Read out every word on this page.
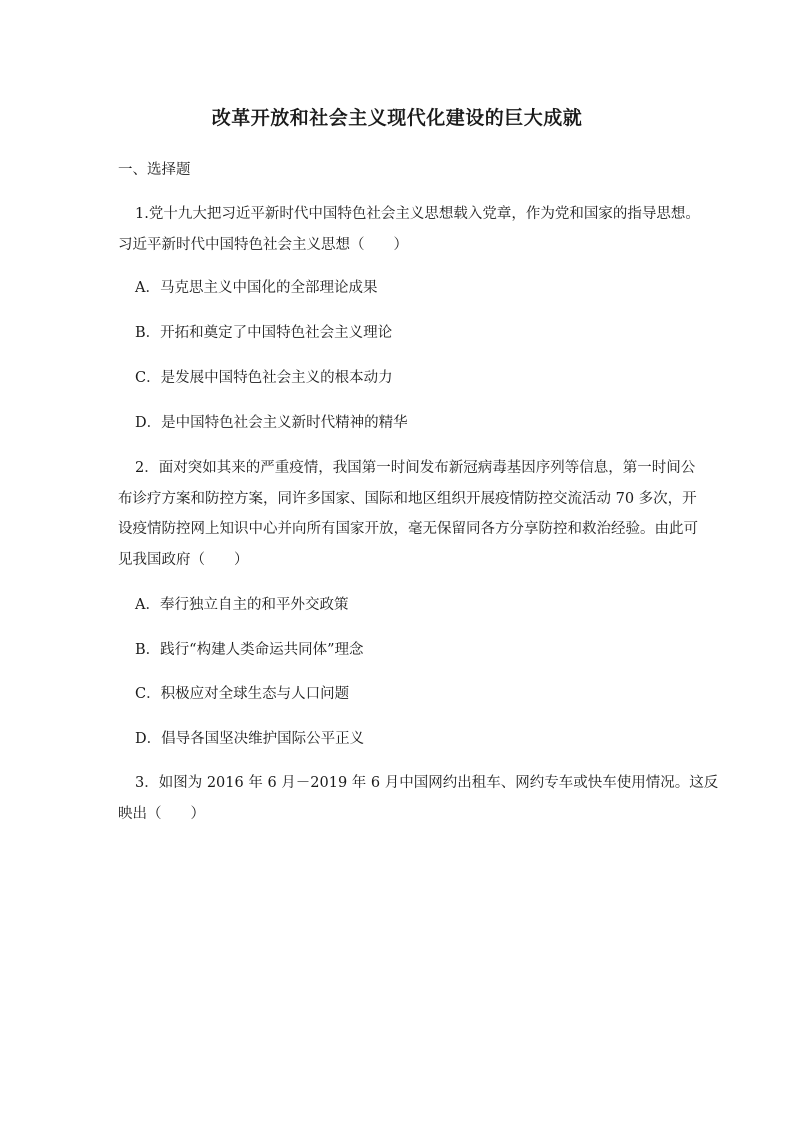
改革开放和社会主义现代化建设的巨大成就
一、选择题
1.党十九大把习近平新时代中国特色社会主义思想载入党章，作为党和国家的指导思想。
习近平新时代中国特色社会主义思想（　　）
A．马克思主义中国化的全部理论成果
B．开拓和奠定了中国特色社会主义理论
C．是发展中国特色社会主义的根本动力
D．是中国特色社会主义新时代精神的精华
2．面对突如其来的严重疫情，我国第一时间发布新冠病毒基因序列等信息，第一时间公
布诊疗方案和防控方案，同许多国家、国际和地区组织开展疫情防控交流活动 70 多次，开
设疫情防控网上知识中心并向所有国家开放，毫无保留同各方分享防控和救治经验。由此可
见我国政府（　　）
A．奉行独立自主的和平外交政策
B．践行“构建人类命运共同体”理念
C．积极应对全球生态与人口问题
D．倡导各国坚决维护国际公平正义
3．如图为 2016 年 6 月－2019 年 6 月中国网约出租车、网约专车或快车使用情况。这反
映出（　　）
